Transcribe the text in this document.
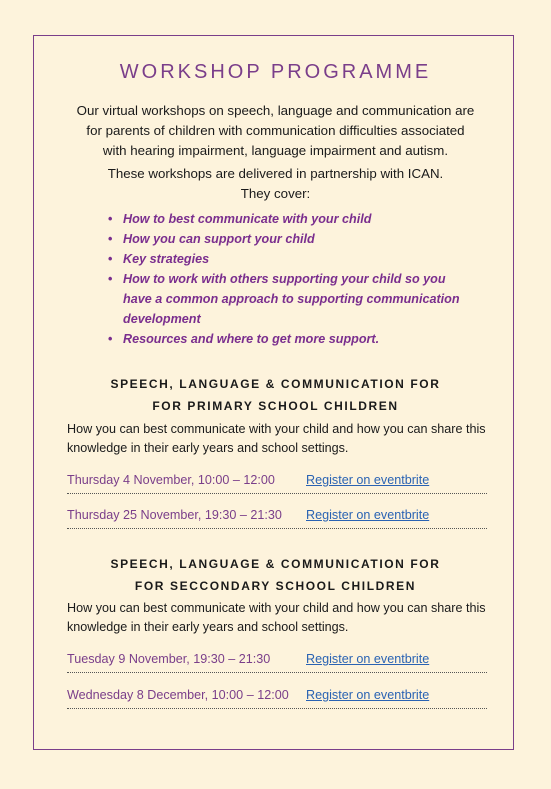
WORKSHOP PROGRAMME
Our virtual workshops on speech, language and communication are
for parents of children with communication difficulties associated
with hearing impairment, language impairment and autism.
These workshops are delivered in partnership with ICAN.
They cover:
• How to best communicate with your child
• How you can support your child
• Key strategies
• How to work with others supporting your child so you
have a common approach to supporting communication
development
• Resources and where to get more support.
SPEECH, LANGUAGE & COMMUNICATION FOR
FOR PRIMARY SCHOOL CHILDREN
How you can best communicate with your child and how you can share this
knowledge in their early years and school settings.
Thursday 4 November, 10:00 – 12:00 Register on eventbrite
Thursday 25 November, 19:30 – 21:30 Register on eventbrite
SPEECH, LANGUAGE & COMMUNICATION FOR
FOR SECCONDARY SCHOOL CHILDREN
How you can best communicate with your child and how you can share this
knowledge in their early years and school settings.
Tuesday 9 November, 19:30 – 21:30	Register on eventbrite
Wednesday 8 December, 10:00 – 12:00 Register on eventbrite
